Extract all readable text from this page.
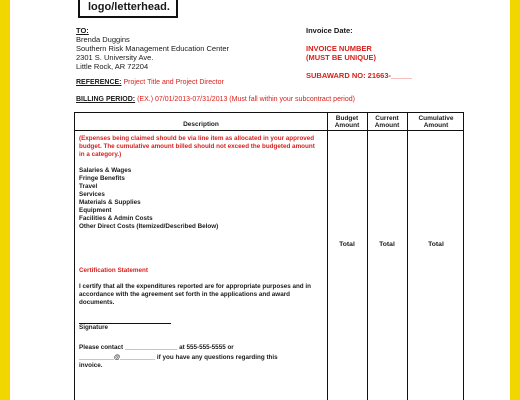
logo/letterhead.
TO:
Brenda Duggins
Southern Risk Management Education Center
2301 S. University Ave.
Little Rock, AR 72204
Invoice Date:
INVOICE NUMBER
(MUST BE UNIQUE)
SUBAWARD NO: 21663-_____
REFERENCE: Project Title and Project Director
BILLING PERIOD: (EX.) 07/01/2013-07/31/2013 (Must fall within your subcontract period)
Description
Budget
Amount
Current
Amount
Cumulative
Amount
(Expenses being claimed should be via line item as allocated in your approved budget. The cumulative amount billed should not exceed the budgeted amount in a category.)
Salaries & Wages
Fringe Benefits
Travel
Services
Materials & Supplies
Equipment
Facilities & Admin Costs
Other Direct Costs (Itemized/Described Below)
Certification Statement
I certify that all the expenditures reported are for appropriate purposes and in accordance with the agreement set forth in the applications and award documents.
Signature
Please contact _______________ at 555-555-5555 or
__________@__________ if you have any questions regarding this
invoice.
Total	Total	Total
